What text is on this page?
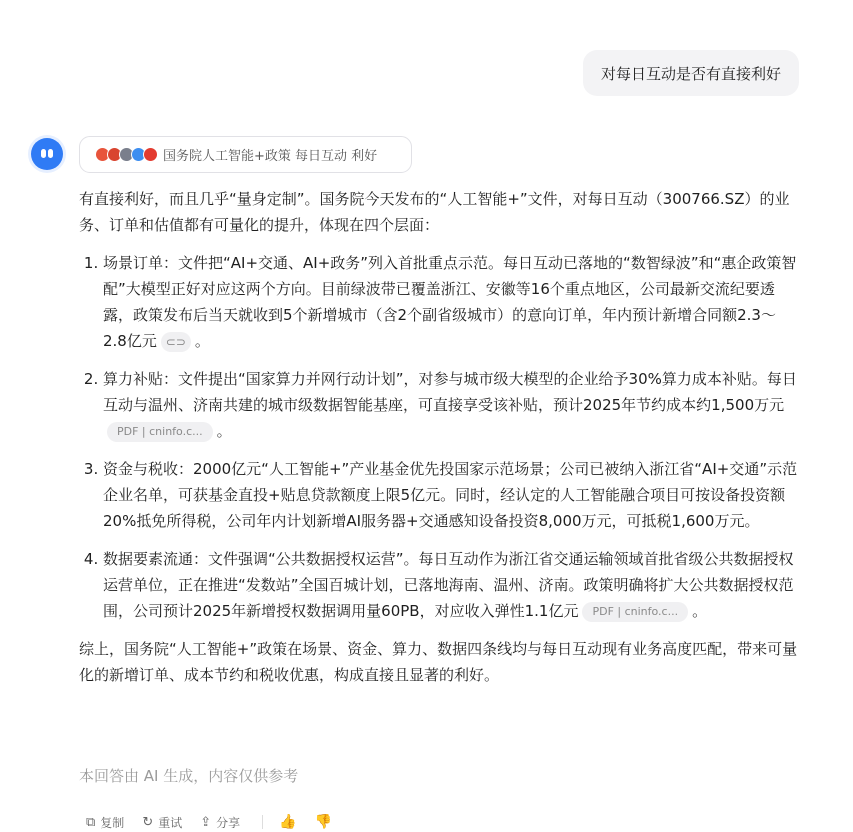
对每日互动是否有直接利好
国务院人工智能+政策 每日互动 利好

有直接利好，而且几乎“量身定制”。国务院今天发布的“人工智能+”文件，对每日互动（300766.SZ）的业务、订单和估值都有可量化的提升，体现在四个层面：

1. 场景订单：文件把“AI+交通、AI+政务”列入首批重点示范。每日互动已落地的“数智绿波”和“惠企政策智配”大模型正好对应这两个方向。目前绿波带已覆盖浙江、安徽等16个重点地区，公司最新交流纪要透露，政策发布后当天就收到5个新增城市（含2个副省级城市）的意向订单，年内预计新增合同额2.3～2.8亿元 ⊂⊃ 。
2. 算力补贴：文件提出“国家算力并网行动计划”，对参与城市级大模型的企业给予30%算力成本补贴。每日互动与温州、济南共建的城市级数据智能基座，可直接享受该补贴，预计2025年节约成本约1,500万元PDF | cninfo.c... 。
3. 资金与税收：2000亿元“人工智能+”产业基金优先投国家示范场景；公司已被纳入浙江省“AI+交通”示范企业名单，可获基金直投+贴息贷款额度上限5亿元。同时，经认定的人工智能融合项目可按设备投资额20%抵免所得税，公司年内计划新增AI服务器+交通感知设备投资8,000万元，可抵税1,600万元。
4. 数据要素流通：文件强调“公共数据授权运营”。每日互动作为浙江省交通运输领域首批省级公共数据授权运营单位，正在推进“发数站”全国百城计划，已落地海南、温州、济南。政策明确将扩大公共数据授权范围，公司预计2025年新增授权数据调用量60PB，对应收入弹性1.1亿元 PDF | cninfo.c... 。

综上，国务院“人工智能+”政策在场景、资金、算力、数据四条线均与每日互动现有业务高度匹配，带来可量化的新增订单、成本节约和税收优惠，构成直接且显著的利好。

本回答由 AI 生成，内容仅供参考
⧉ 复制 ↻ 重试 ⇪ 分享	👍 👎
